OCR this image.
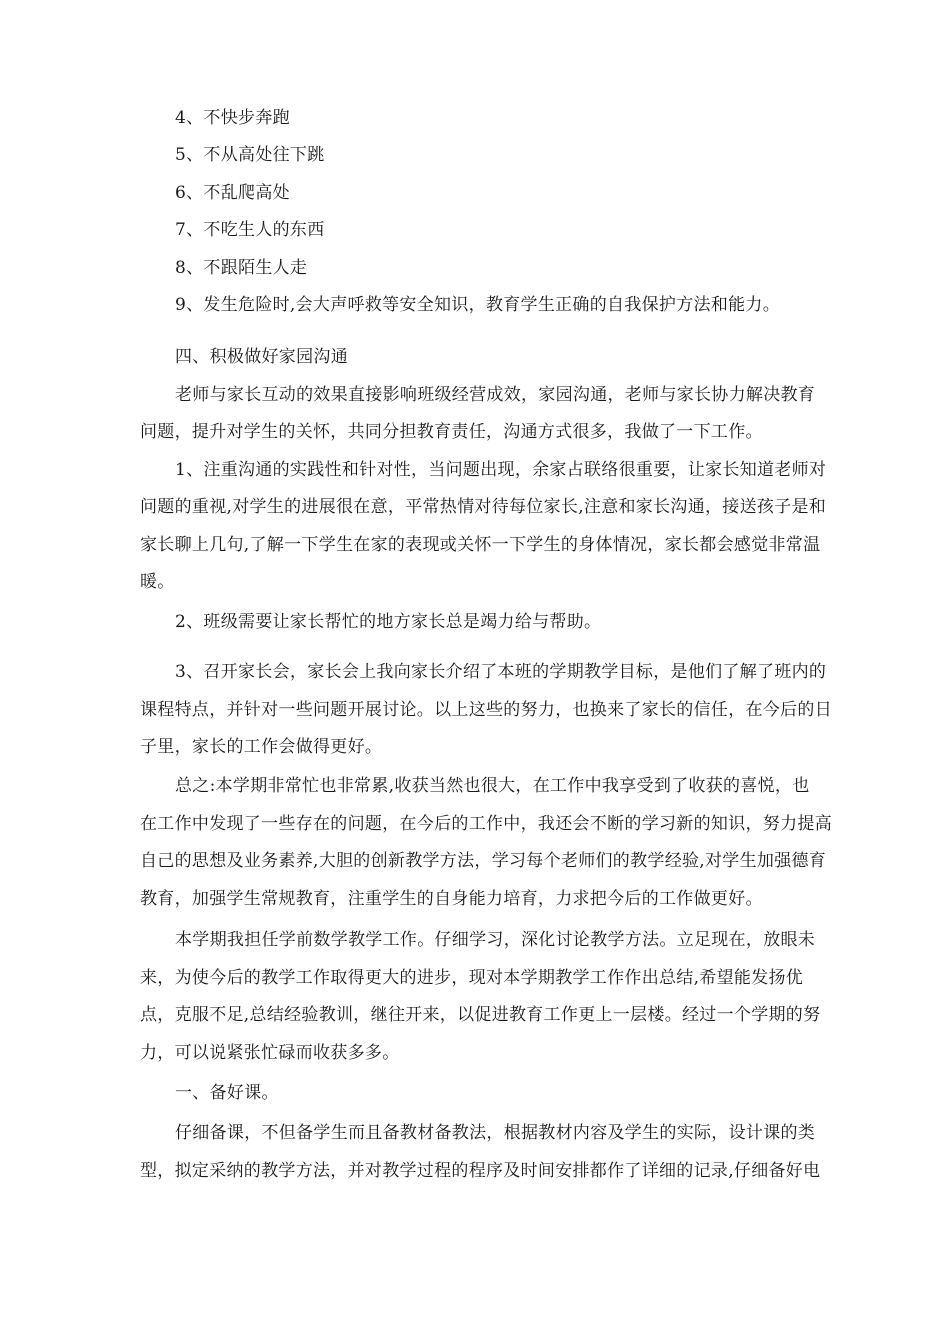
4、不快步奔跑
5、不从高处往下跳
6、不乱爬高处
7、不吃生人的东西
8、不跟陌生人走
9、发生危险时,会大声呼救等安全知识，教育学生正确的自我保护方法和能力。
四、积极做好家园沟通
老师与家长互动的效果直接影响班级经营成效，家园沟通，老师与家长协力解决教育
问题，提升对学生的关怀，共同分担教育责任，沟通方式很多，我做了一下工作。
1、注重沟通的实践性和针对性，当问题出现，余家占联络很重要，让家长知道老师对
问题的重视,对学生的进展很在意，平常热情对待每位家长,注意和家长沟通，接送孩子是和
家长聊上几句,了解一下学生在家的表现或关怀一下学生的身体情况，家长都会感觉非常温
暖。
2、班级需要让家长帮忙的地方家长总是竭力给与帮助。
3、召开家长会，家长会上我向家长介绍了本班的学期教学目标，是他们了解了班内的
课程特点，并针对一些问题开展讨论。以上这些的努力，也换来了家长的信任，在今后的日
子里，家长的工作会做得更好。
总之:本学期非常忙也非常累,收获当然也很大，在工作中我享受到了收获的喜悦，也
在工作中发现了一些存在的问题，在今后的工作中，我还会不断的学习新的知识，努力提高
自己的思想及业务素养,大胆的创新教学方法，学习每个老师们的教学经验,对学生加强德育
教育，加强学生常规教育，注重学生的自身能力培育，力求把今后的工作做更好。
本学期我担任学前数学教学工作。仔细学习，深化讨论教学方法。立足现在，放眼未
来，为使今后的教学工作取得更大的进步，现对本学期教学工作作出总结,希望能发扬优
点，克服不足,总结经验教训，继往开来，以促进教育工作更上一层楼。经过一个学期的努
力，可以说紧张忙碌而收获多多。
一、备好课。
仔细备课，不但备学生而且备教材备教法，根据教材内容及学生的实际，设计课的类
型，拟定采纳的教学方法，并对教学过程的程序及时间安排都作了详细的记录,仔细备好电
